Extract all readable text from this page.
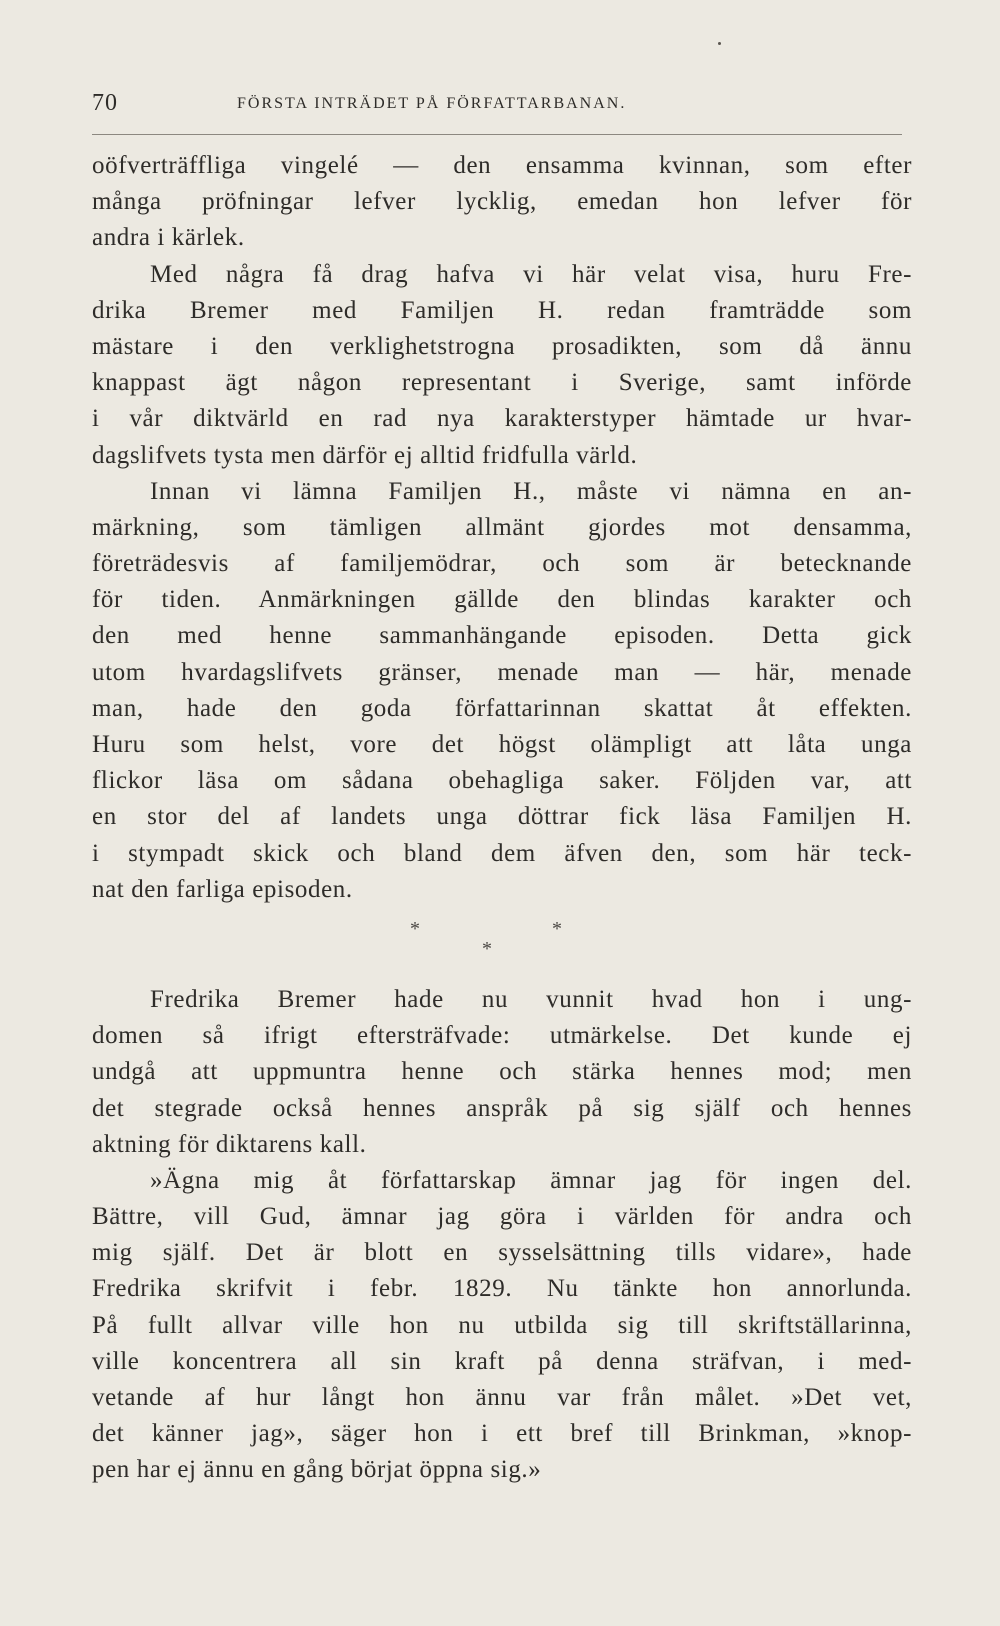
70	FÖRSTA INTRÄDET PÅ FÖRFATTARBANAN.
oöfverträffliga vingelé — den ensamma kvinnan, som efter
många pröfningar lefver lycklig, emedan hon lefver för
andra i kärlek.
Med några få drag hafva vi här velat visa, huru Fre-
drika Bremer med Familjen H. redan framträdde som
mästare i den verklighetstrogna prosadikten, som då ännu
knappast ägt någon representant i Sverige, samt införde
i vår diktvärld en rad nya karakterstyper hämtade ur hvar-
dagslifvets tysta men därför ej alltid fridfulla värld.
Innan vi lämna Familjen H., måste vi nämna en an-
märkning, som tämligen allmänt gjordes mot densamma,
företrädesvis af familjemödrar, och som är betecknande
för tiden. Anmärkningen gällde den blindas karakter och
den med henne sammanhängande episoden. Detta gick
utom hvardagslifvets gränser, menade man — här, menade
man, hade den goda författarinnan skattat åt effekten.
Huru som helst, vore det högst olämpligt att låta unga
flickor läsa om sådana obehagliga saker. Följden var, att
en stor del af landets unga döttrar fick läsa Familjen H.
i stympadt skick och bland dem äfven den, som här teck-
nat den farliga episoden.
*	*
*
Fredrika Bremer hade nu vunnit hvad hon i ung-
domen så ifrigt eftersträfvade: utmärkelse. Det kunde ej
undgå att uppmuntra henne och stärka hennes mod; men
det stegrade också hennes anspråk på sig själf och hennes
aktning för diktarens kall.
»Ägna mig åt författarskap ämnar jag för ingen del.
Bättre, vill Gud, ämnar jag göra i världen för andra och
mig själf. Det är blott en sysselsättning tills vidare», hade
Fredrika skrifvit i febr. 1829. Nu tänkte hon annorlunda.
På fullt allvar ville hon nu utbilda sig till skriftställarinna,
ville koncentrera all sin kraft på denna sträfvan, i med-
vetande af hur långt hon ännu var från målet. »Det vet,
det känner jag», säger hon i ett bref till Brinkman, »knop-
pen har ej ännu en gång börjat öppna sig.»
